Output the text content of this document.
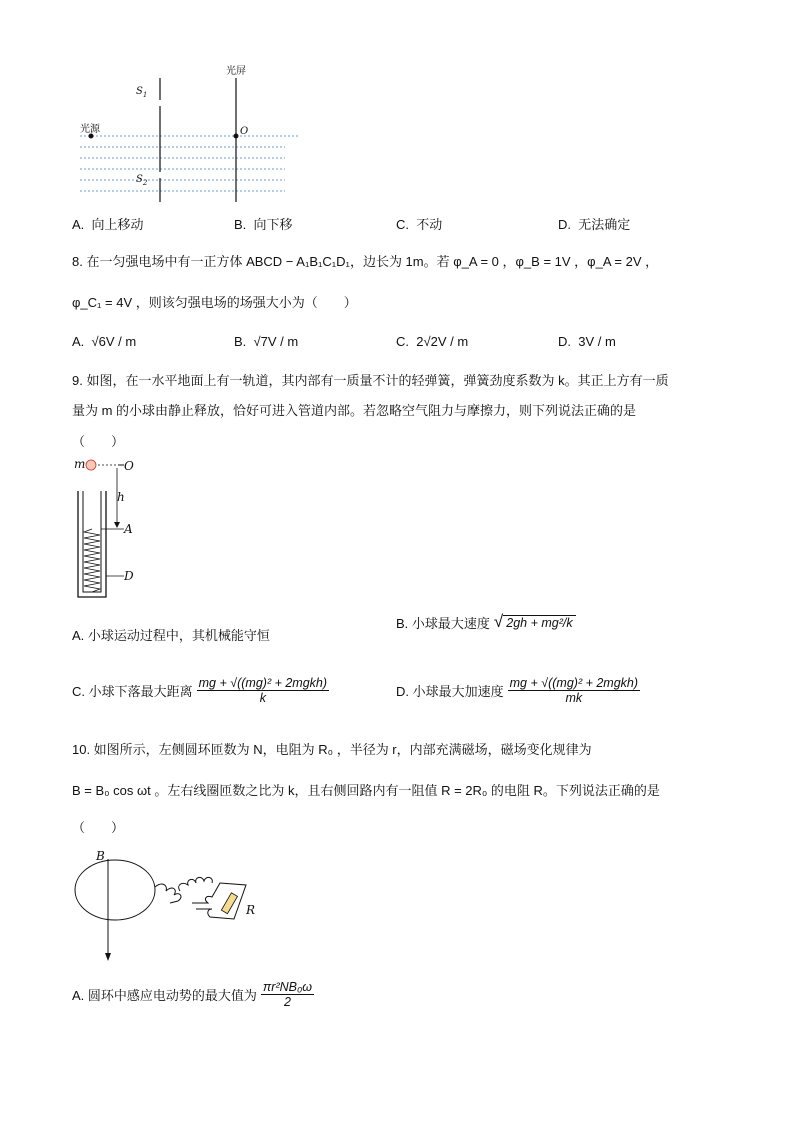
光屏
光源
$S_1$
$S_2$
O
A. 向上移动	B. 向下移	C. 不动	D. 无法确定
8. 在一匀强电场中有一正方体 ABCD − A₁B₁C₁D₁，边长为 1m。若 φ_A = 0 ，φ_B = 1V ，φ_A = 2V ，
φ_C₁ = 4V ，则该匀强电场的场强大小为（　　）
A. √6V / m	B. √7V / m	C. 2√2V / m	D. 3V / m
9. 如图，在一水平地面上有一轨道，其内部有一质量不计的轻弹簧，弹簧劲度系数为 k。其正上方有一质
量为 m 的小球由静止释放，恰好可进入管道内部。若忽略空气阻力与摩擦力，则下列说法正确的是
（　　）
m	O
h
A
D
A. 小球运动过程中，其机械能守恒
B. 小球最大速度 √ 2gh + mg²/k
C. 小球下落最大距离 $\frac{\text{mg + √((mg)² + 2mgkh)}}{k}$	D. 小球最大加速度 $\frac{\text{mg + √((mg)² + 2mgkh)}}{mk}$
10. 如图所示，左侧圆环匝数为 N，电阻为 R₀ ，半径为 r，内部充满磁场，磁场变化规律为
B = B₀ cos ωt 。左右线圈匝数之比为 k，且右侧回路内有一阻值 R = 2R₀ 的电阻 R。下列说法正确的是
（　　）
B
R
A. 圆环中感应电动势的最大值为 $\frac{\text{πr²NB₀ω}}{2}$
